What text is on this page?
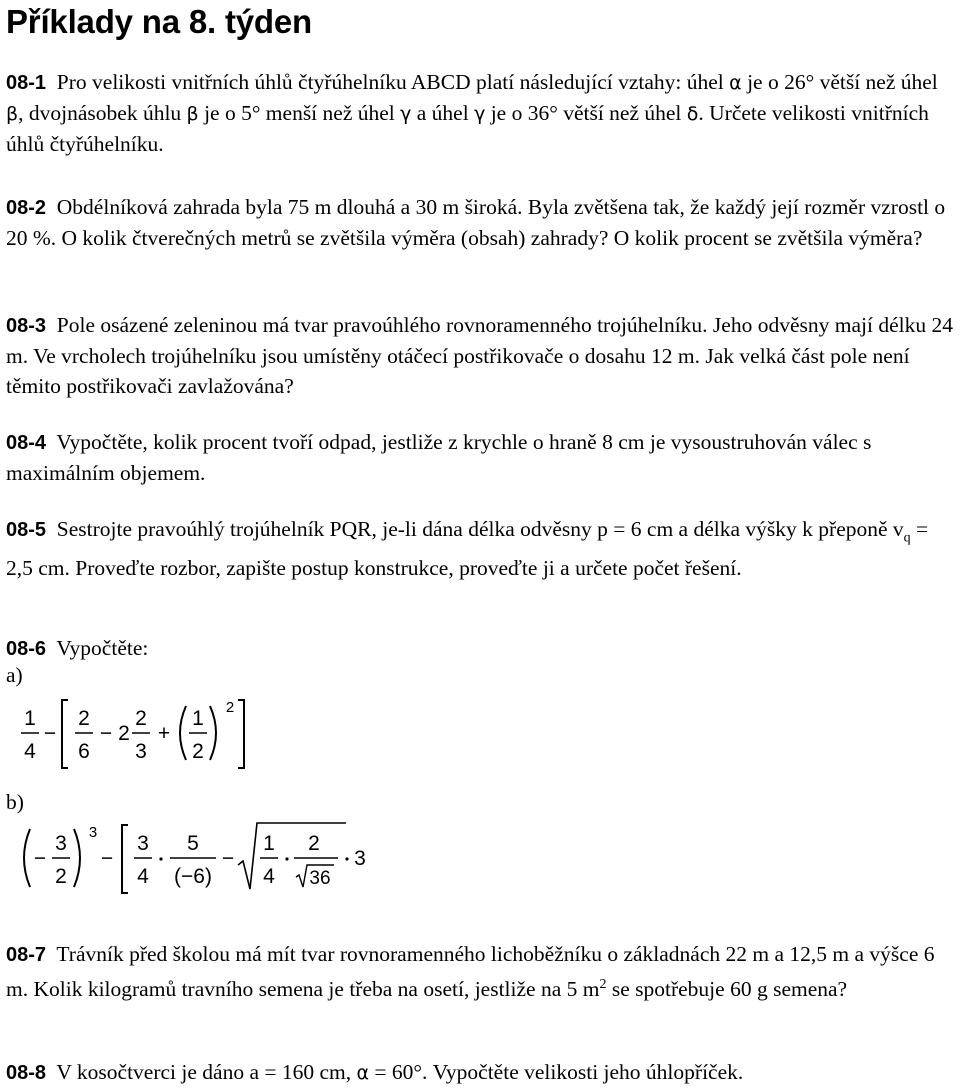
Příklady na 8. týden
08-1 Pro velikosti vnitřních úhlů čtyřúhelníku ABCD platí následující vztahy: úhel α je o 26° větší než úhel β, dvojnásobek úhlu β je o 5° menší než úhel γ a úhel γ je o 36° větší než úhel δ. Určete velikosti vnitřních úhlů čtyřúhelníku.
08-2 Obdélníková zahrada byla 75 m dlouhá a 30 m široká. Byla zvětšena tak, že každý její rozměr vzrostl o 20 %. O kolik čtverečných metrů se zvětšila výměra (obsah) zahrady? O kolik procent se zvětšila výměra?
08-3 Pole osázené zeleninou má tvar pravoúhlého rovnoramenného trojúhelníku. Jeho odvěsny mají délku 24 m. Ve vrcholech trojúhelníku jsou umístěny otáčecí postřikovače o dosahu 12 m. Jak velká část pole není těmito postřikovači zavlažována?
08-4 Vypočtěte, kolik procent tvoří odpad, jestliže z krychle o hraně 8 cm je vysoustruhován válec s maximálním objemem.
08-5 Sestrojte pravoúhlý trojúhelník PQR, je-li dána délka odvěsny p = 6 cm a délka výšky k přeponě $v_q = 2,5$ cm. Proveďte rozbor, zapište postup konstrukce, proveďte ji a určete počet řešení.
08-6 Vypočtěte:
a)
1
4
−
2
6
− 2
2
3
+
1
2
2
b)
−
3
2
3
−
3
4
5
(−6)
−
1
4
2
36
3
08-7 Trávník před školou má mít tvar rovnoramenného lichoběžníku o základnách 22 m a 12,5 m a výšce 6 m. Kolik kilogramů travního semena je třeba na osetí, jestliže na 5 $m^2$ se spotřebuje 60 g semena?
08-8 V kosočtverci je dáno a = 160 cm, α = 60°. Vypočtěte velikosti jeho úhlopříček.
